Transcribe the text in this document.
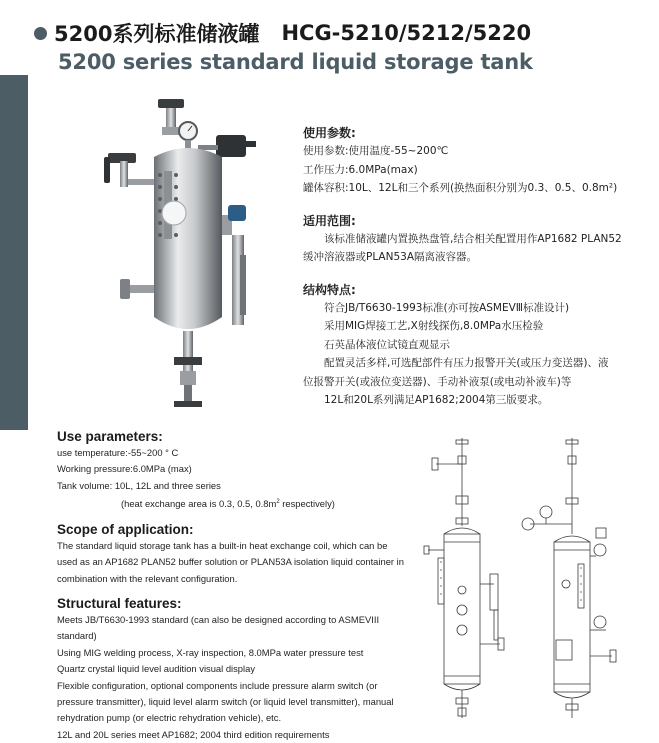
5200系列标准储液罐 HCG-5210/5212/5220
5200 series standard liquid storage tank
使用参数:
使用参数:使用温度-55~200℃
工作压力:6.0MPa(max)
罐体容积:10L、12L和三个系列(换热面积分别为0.3、0.5、0.8m²)
适用范围:
该标准储液罐内置换热盘管,结合相关配置用作AP1682 PLAN52
缓冲溶液器或PLAN53A隔离液容器。
结构特点:
符合JB/T6630-1993标准(亦可按ASMEVⅢ标准设计)
采用MIG焊接工艺,X射线探伤,8.0MPa水压检验
石英晶体液位试镜直观显示
配置灵活多样,可选配部件有压力报警开关(或压力变送器)、液
位报警开关(或液位变送器)、手动补液泵(或电动补液车)等
12L和20L系列满足AP1682;2004第三版要求。
Use parameters:
use temperature:-55~200 ° C
Working pressure:6.0MPa (max)
Tank volume: 10L, 12L and three series
(heat exchange area is 0.3, 0.5, $0.8m^2$ respectively)
Scope of application:
The standard liquid storage tank has a built-in heat exchange coil, which can be used as an AP1682 PLAN52 buffer solution or PLAN53A isolation liquid container in combination with the relevant configuration.
Structural features:
Meets JB/T6630-1993 standard (can also be designed according to ASMEVIII standard)
Using MIG welding process, X-ray inspection, 8.0MPa water pressure test
Quartz crystal liquid level audition visual display
Flexible configuration, optional components include pressure alarm switch (or pressure transmitter), liquid level alarm switch (or liquid level transmitter), manual rehydration pump (or electric rehydration vehicle), etc.
12L and 20L series meet AP1682; 2004 third edition requirements
